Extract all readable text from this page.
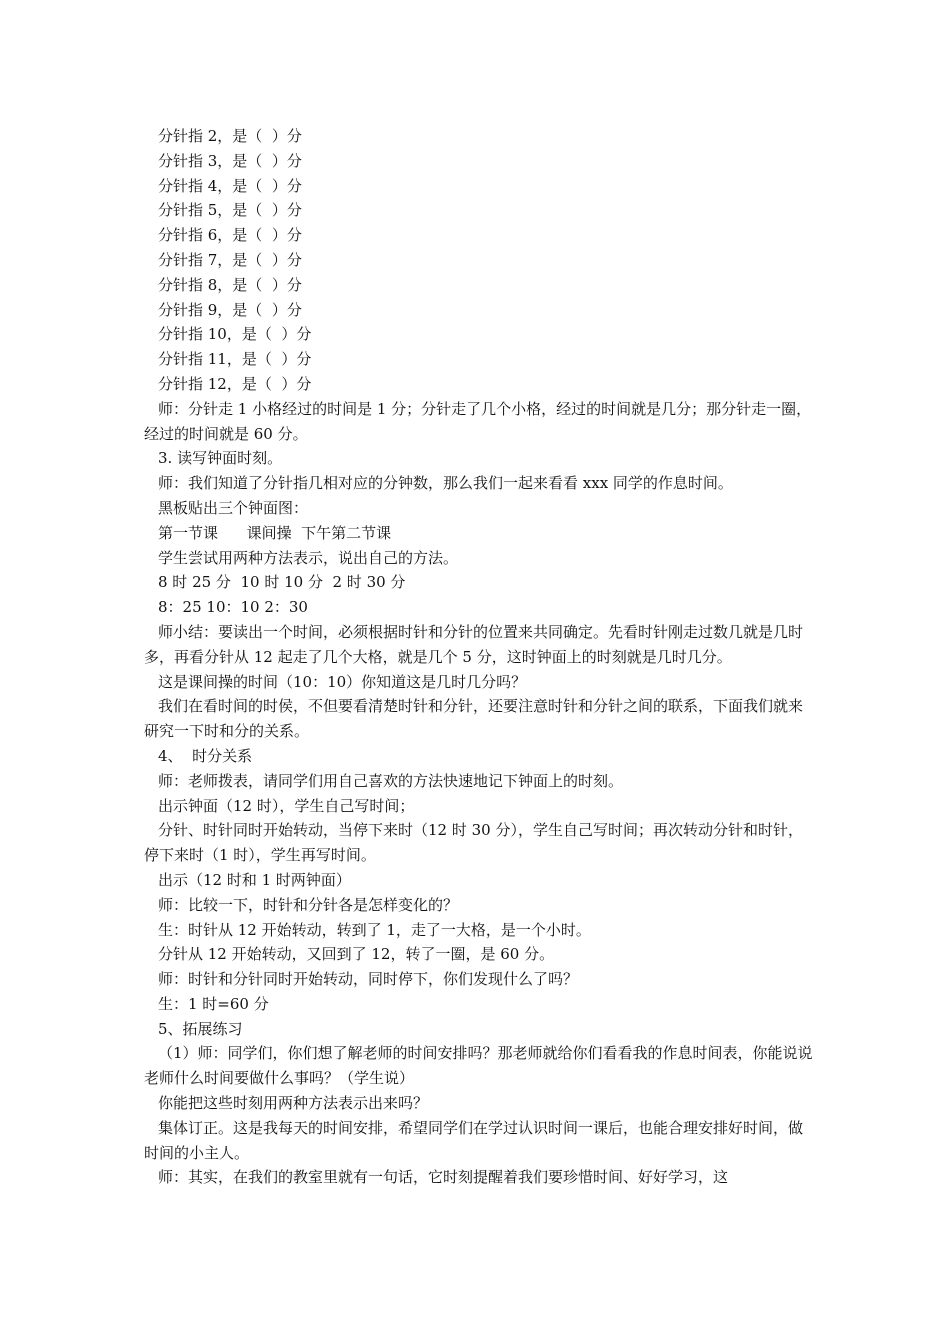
分针指 2，是（  ）分

分针指 3，是（  ）分

分针指 4，是（  ）分

分针指 5，是（  ）分

分针指 6，是（  ）分

分针指 7，是（  ）分

分针指 8，是（  ）分

分针指 9，是（  ）分

分针指 10，是（  ）分

分针指 11，是（  ）分

分针指 12，是（  ）分

师：分针走 1 小格经过的时间是 1 分；分针走了几个小格，经过的时间就是几分；那分针走一圈，经过的时间就是 60 分。

3. 读写钟面时刻。

师：我们知道了分针指几相对应的分钟数，那么我们一起来看看 xxx 同学的作息时间。

黑板贴出三个钟面图：

第一节课      课间操  下午第二节课

学生尝试用两种方法表示，说出自己的方法。

8 时 25 分  10 时 10 分  2 时 30 分

8：25 10：10 2：30

师小结：要读出一个时间，必须根据时针和分针的位置来共同确定。先看时针刚走过数几就是几时多，再看分针从 12 起走了几个大格，就是几个 5 分，这时钟面上的时刻就是几时几分。

这是课间操的时间（10：10）你知道这是几时几分吗？

我们在看时间的时侯，不但要看清楚时针和分针，还要注意时针和分针之间的联系，下面我们就来研究一下时和分的关系。

4、  时分关系

师：老师拨表，请同学们用自己喜欢的方法快速地记下钟面上的时刻。

出示钟面（12 时），学生自己写时间；

分针、时针同时开始转动，当停下来时（12 时 30 分），学生自己写时间；再次转动分针和时针，停下来时（1 时），学生再写时间。

出示（12 时和 1 时两钟面）

师：比较一下，时针和分针各是怎样变化的？

生：时针从 12 开始转动，转到了 1，走了一大格，是一个小时。

分针从 12 开始转动，又回到了 12，转了一圈，是 60 分。

师：时针和分针同时开始转动，同时停下，你们发现什么了吗？

生：1 时=60 分

5、拓展练习

（1）师：同学们，你们想了解老师的时间安排吗？那老师就给你们看看我的作息时间表，你能说说老师什么时间要做什么事吗？（学生说）

你能把这些时刻用两种方法表示出来吗？

集体订正。这是我每天的时间安排，希望同学们在学过认识时间一课后，也能合理安排好时间，做时间的小主人。

师：其实，在我们的教室里就有一句话，它时刻提醒着我们要珍惜时间、好好学习，这
